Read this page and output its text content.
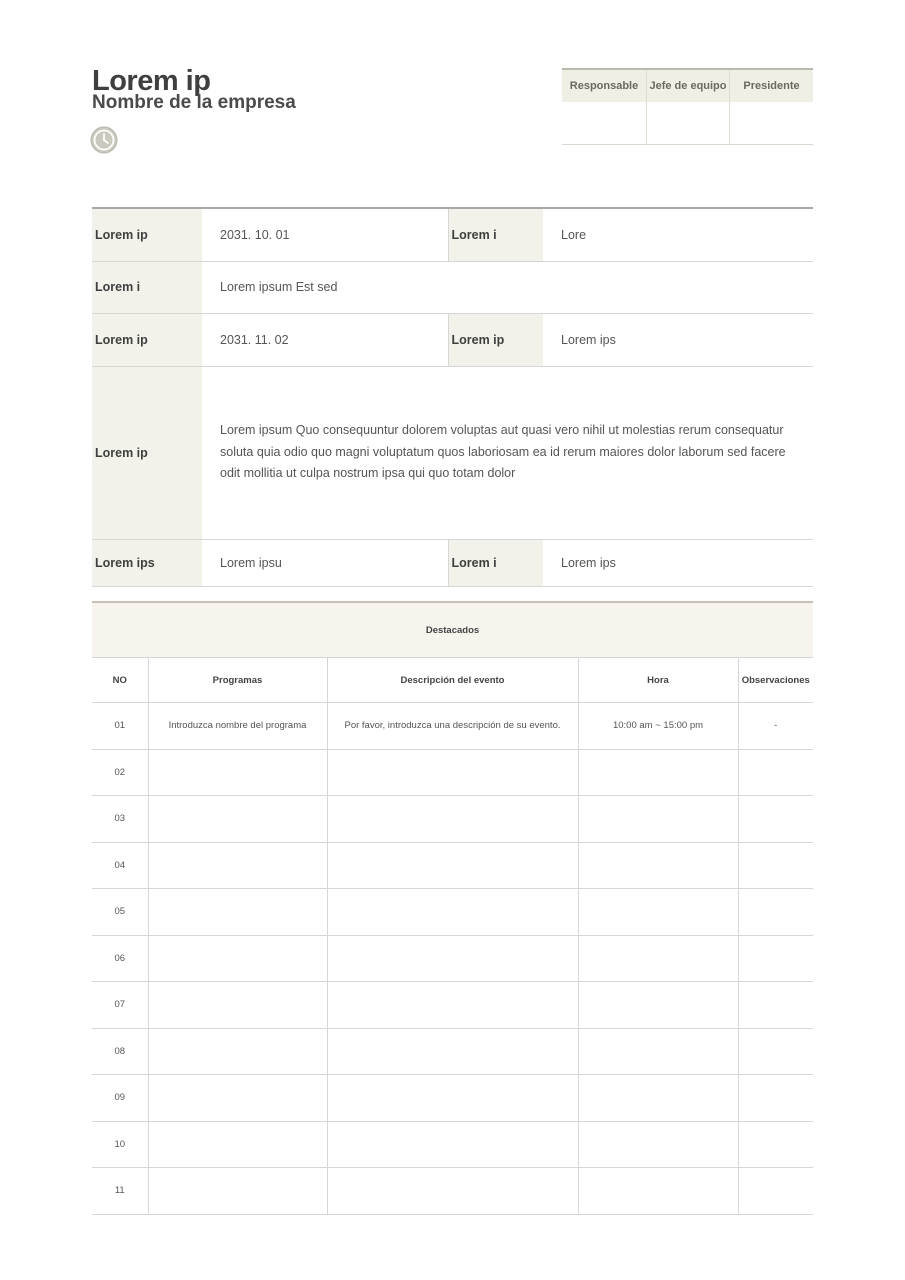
Lorem ip
Nombre de la empresa
Responsable	Jefe de equipo	Presidente

Lorem ip	2031. 10. 01	Lorem i	Lore
Lorem i	Lorem ipsum Est sed		
Lorem ip	2031. 11. 02	Lorem ip	Lorem ips
Lorem ip	Lorem ipsum Quo consequuntur dolorem voluptas aut quasi vero nihil ut molestias rerum consequatur soluta quia odio quo magni voluptatum quos laboriosam ea id rerum maiores dolor laborum sed facere odit mollitia ut culpa nostrum ipsa qui quo totam dolor		
Lorem ips	Lorem ipsu	Lorem i	Lorem ips
Destacados				
NO	Programas	Descripción del evento	Hora	Observaciones
01	Introduzca nombre del programa	Por favor, introduzca una descripción de su evento.	10:00 am ~ 15:00 pm	-
02				
03				
04				
05				
06				
07				
08				
09				
10				
11				
